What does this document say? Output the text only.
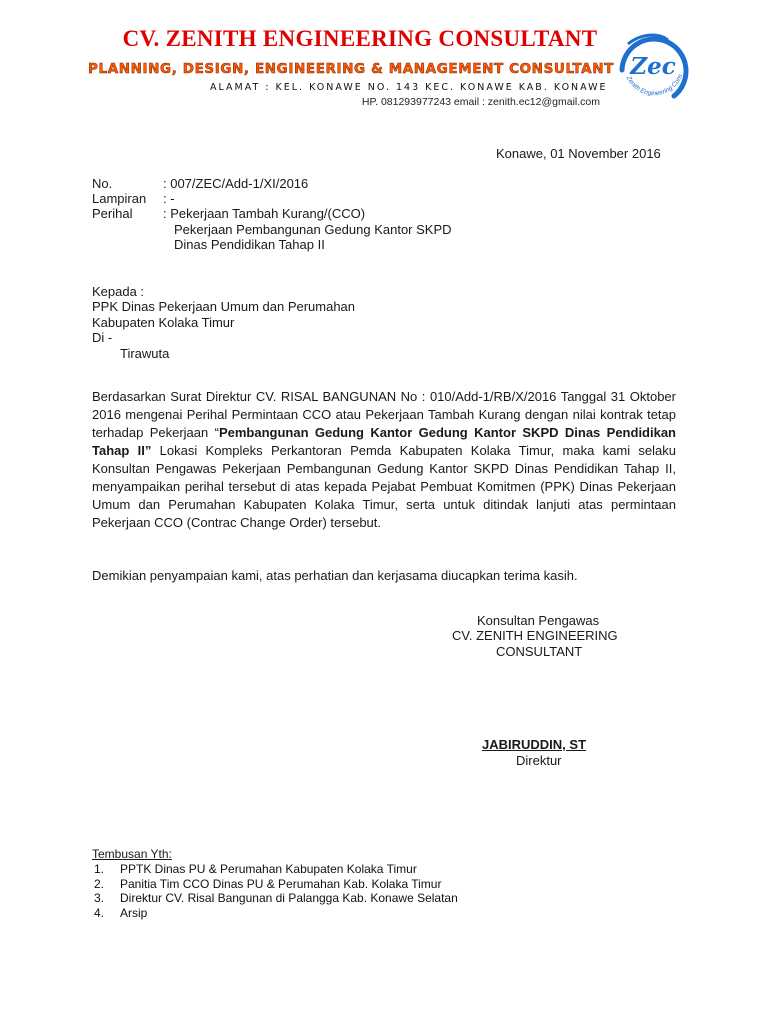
CV. ZENITH ENGINEERING CONSULTANT
PLANNING, DESIGN, ENGINEERING & MANAGEMENT CONSULTANT
ALAMAT : KEL. KONAWE NO. 143 KEC. KONAWE KAB. KONAWE
HP. 081293977243 email : zenith.ec12@gmail.com
Zec
Zenith Engineering Cons
Konawe, 01 November 2016
No.	: 007/ZEC/Add-1/XI/2016
Lampiran : -
Perihal : Pekerjaan Tambah Kurang/(CCO)
Pekerjaan Pembangunan Gedung Kantor SKPD
Dinas Pendidikan Tahap II
Kepada :
PPK Dinas Pekerjaan Umum dan Perumahan
Kabupaten Kolaka Timur
Di -
Tirawuta
Berdasarkan Surat Direktur CV. RISAL BANGUNAN No : 010/Add-1/RB/X/2016 Tanggal 31 Oktober 2016 mengenai Perihal Permintaan CCO atau Pekerjaan Tambah Kurang dengan nilai kontrak tetap terhadap Pekerjaan “Pembangunan Gedung Kantor Gedung Kantor SKPD Dinas Pendidikan Tahap II” Lokasi Kompleks Perkantoran Pemda Kabupaten Kolaka Timur, maka kami selaku Konsultan Pengawas Pekerjaan Pembangunan Gedung Kantor SKPD Dinas Pendidikan Tahap II, menyampaikan perihal tersebut di atas kepada Pejabat Pembuat Komitmen (PPK) Dinas Pekerjaan Umum dan Perumahan Kabupaten Kolaka Timur, serta untuk ditindak lanjuti atas permintaan Pekerjaan CCO (Contrac Change Order) tersebut.
Demikian penyampaian kami, atas perhatian dan kerjasama diucapkan terima kasih.
Konsultan Pengawas
CV. ZENITH ENGINEERING
CONSULTANT
JABIRUDDIN, ST
Direktur
Tembusan Yth:
1.	PPTK Dinas PU & Perumahan Kabupaten Kolaka Timur
2.	Panitia Tim CCO Dinas PU & Perumahan Kab. Kolaka Timur
3.	Direktur CV. Risal Bangunan di Palangga Kab. Konawe Selatan
4.	Arsip
